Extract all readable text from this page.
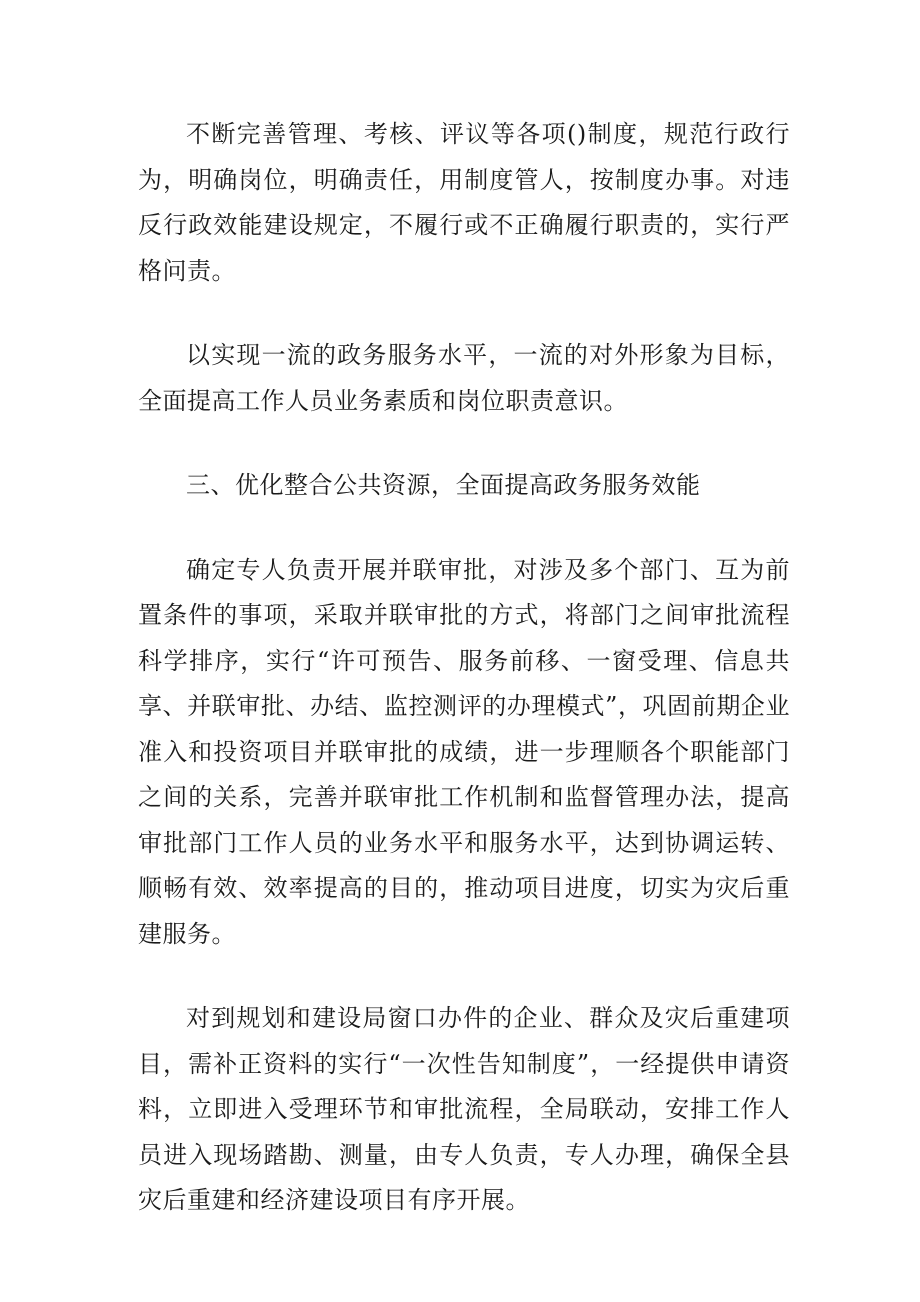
不断完善管理、考核、评议等各项()制度，规范行政行为，明确岗位，明确责任，用制度管人，按制度办事。对违反行政效能建设规定，不履行或不正确履行职责的，实行严格问责。

以实现一流的政务服务水平，一流的对外形象为目标，全面提高工作人员业务素质和岗位职责意识。

三、优化整合公共资源，全面提高政务服务效能

确定专人负责开展并联审批，对涉及多个部门、互为前置条件的事项，采取并联审批的方式，将部门之间审批流程科学排序，实行“许可预告、服务前移、一窗受理、信息共享、并联审批、办结、监控测评的办理模式”，巩固前期企业准入和投资项目并联审批的成绩，进一步理顺各个职能部门之间的关系，完善并联审批工作机制和监督管理办法，提高审批部门工作人员的业务水平和服务水平，达到协调运转、顺畅有效、效率提高的目的，推动项目进度，切实为灾后重建服务。

对到规划和建设局窗口办件的企业、群众及灾后重建项目，需补正资料的实行“一次性告知制度”，一经提供申请资料，立即进入受理环节和审批流程，全局联动，安排工作人员进入现场踏勘、测量，由专人负责，专人办理，确保全县灾后重建和经济建设项目有序开展。
